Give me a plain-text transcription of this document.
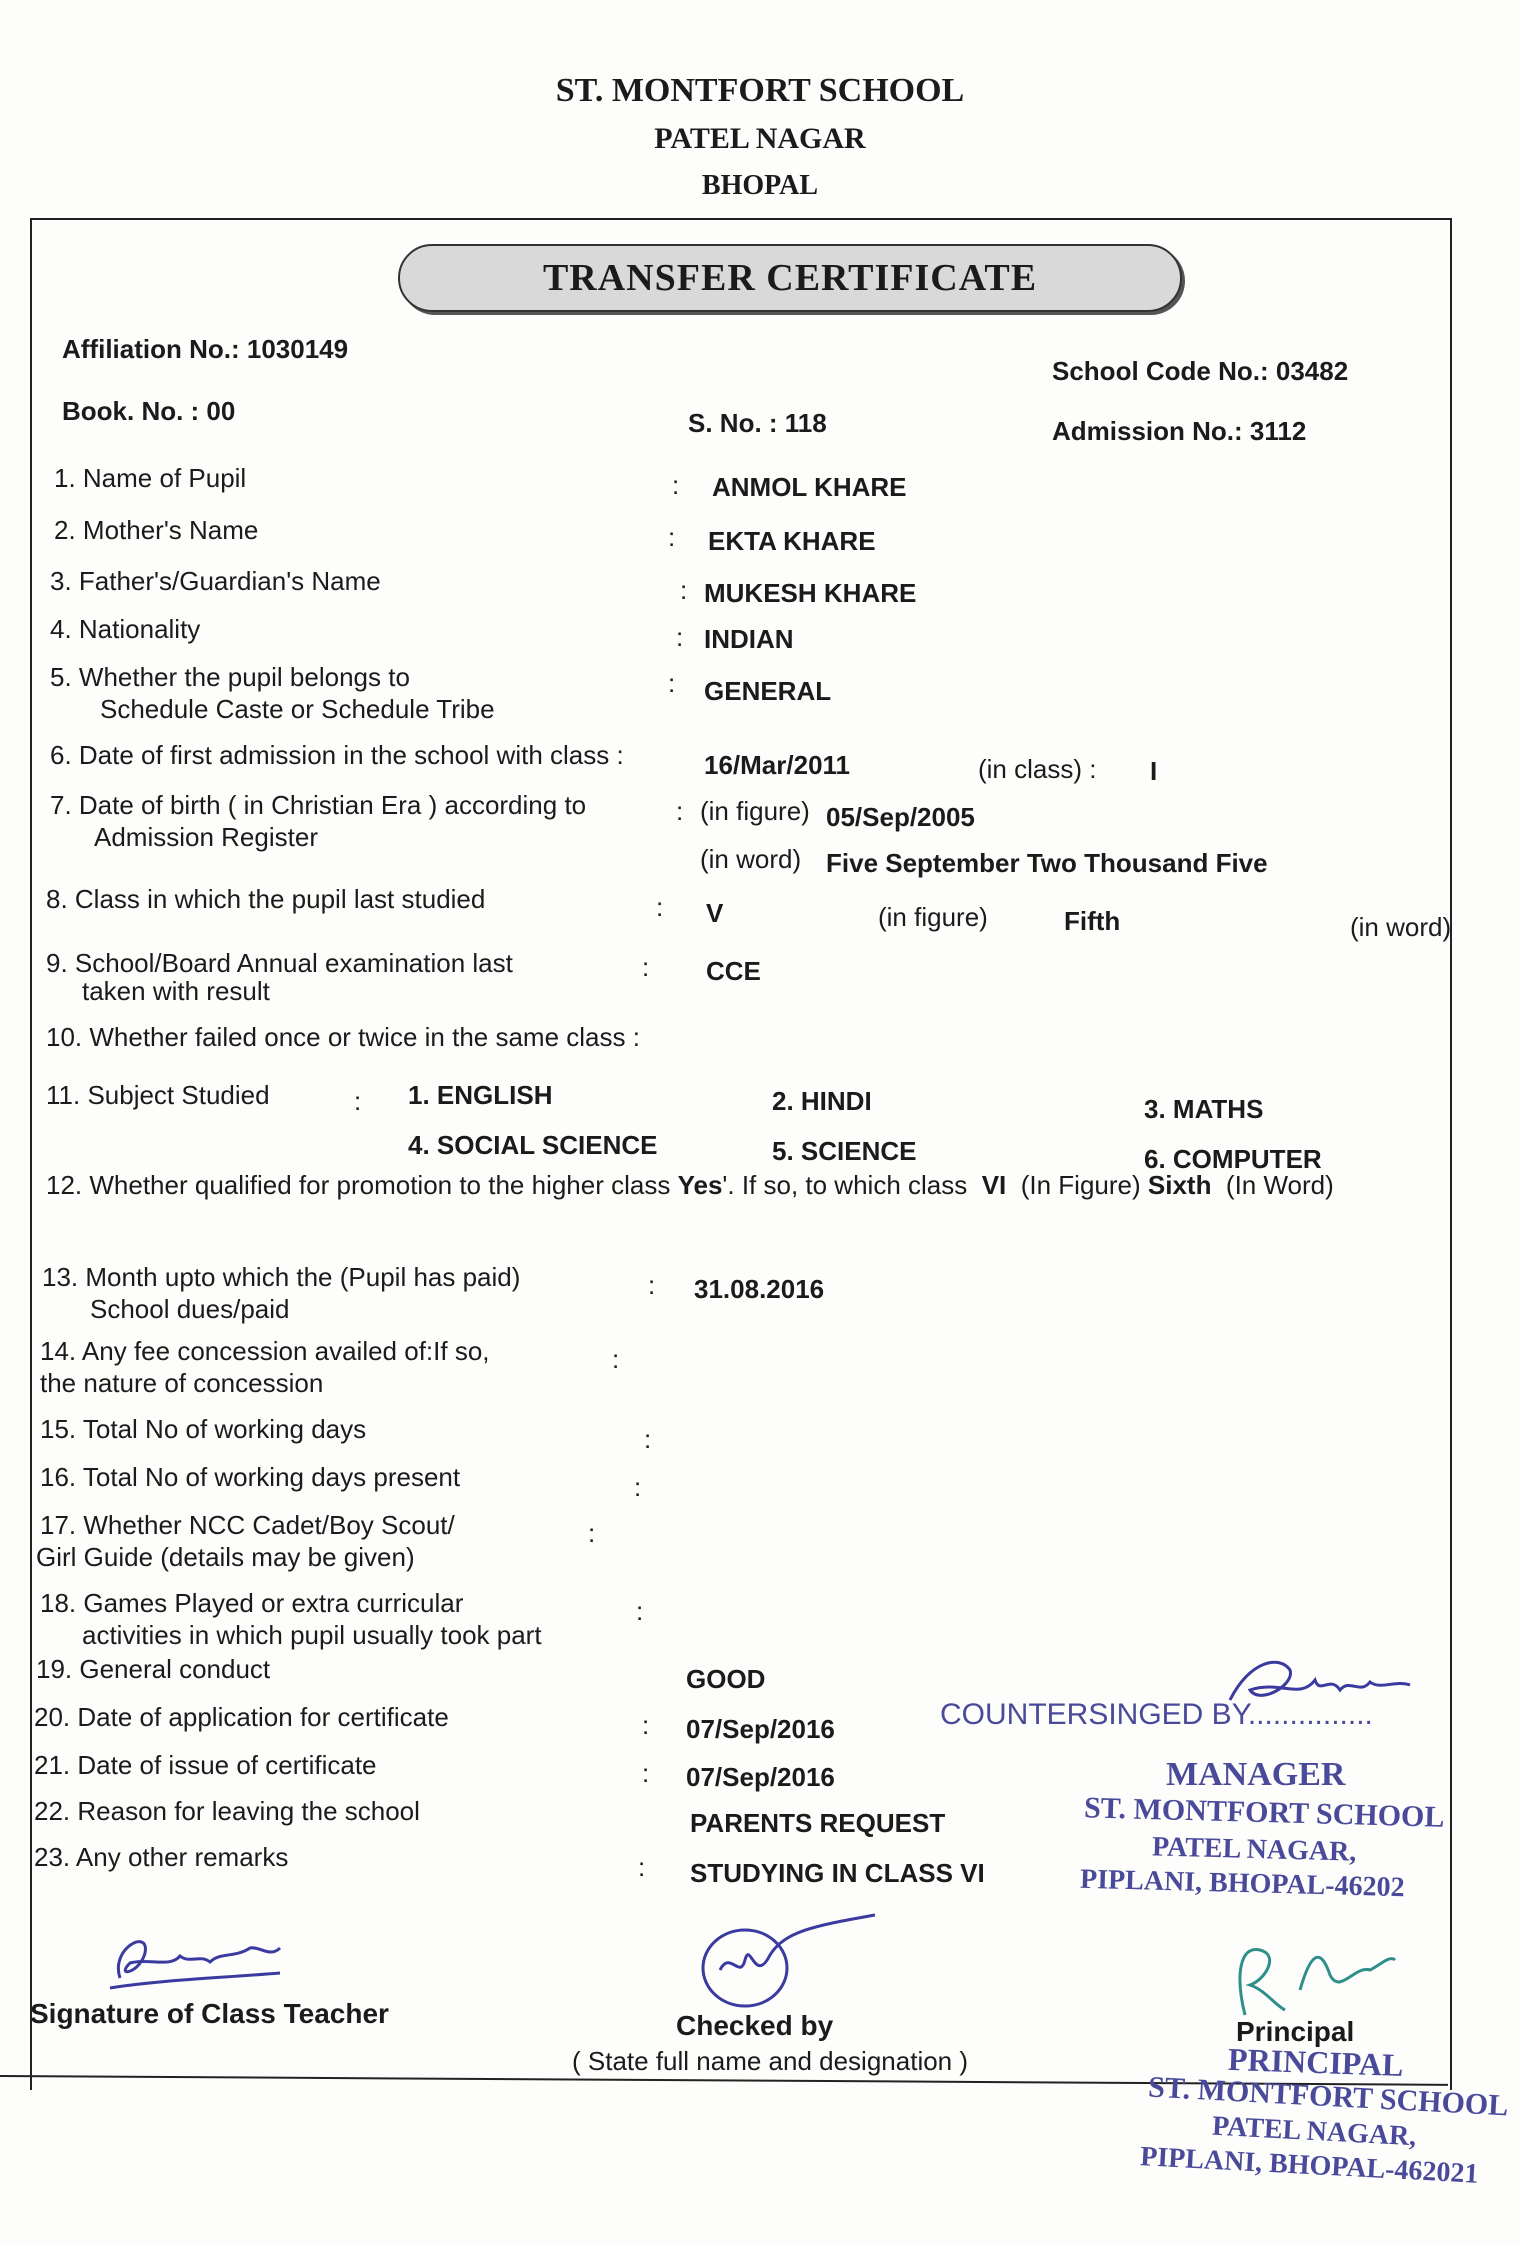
ST. MONTFORT SCHOOL
PATEL NAGAR
BHOPAL
TRANSFER CERTIFICATE
Affiliation No.: 1030149
School Code No.: 03482
Book. No. : 00	S. No. : 118	Admission No.: 3112
1. Name of Pupil	: ANMOL KHARE
2. Mother's Name	: EKTA KHARE
3. Father's/Guardian's Name	: MUKESH KHARE
4. Nationality	: INDIAN
5. Whether the pupil belongs to
Schedule Caste or Schedule Tribe
: GENERAL
6. Date of first admission in the school with class :	16/Mar/2011	(in class) : I
7. Date of birth ( in Christian Era ) according to
Admission Register
: (in figure) 05/Sep/2005
(in word) Five September Two Thousand Five
8. Class in which the pupil last studied	: V	(in figure)	Fifth	(in word)
9. School/Board Annual examination last
taken with result
: CCE
10. Whether failed once or twice in the same class :
11. Subject Studied	: 1. ENGLISH	2. HINDI	3. MATHS
4. SOCIAL SCIENCE	5. SCIENCE	6. COMPUTER
12. Whether qualified for promotion to the higher class Yes'. If so, to which class VI (In Figure) Sixth (In Word)
13. Month upto which the (Pupil has paid)
School dues/paid
: 31.08.2016
14. Any fee concession availed of:If so,
the nature of concession
:
15. Total No of working days	:
16. Total No of working days present	:
17. Whether NCC Cadet/Boy Scout/
Girl Guide (details may be given)
:
18. Games Played or extra curricular
activities in which pupil usually took part
:
19. General conduct	GOOD
20. Date of application for certificate	: 07/Sep/2016
21. Date of issue of certificate	: 07/Sep/2016
22. Reason for leaving the school	PARENTS REQUEST
23. Any other remarks	: STUDYING IN CLASS VI
COUNTERSINGED BY...............
MANAGER
ST. MONTFORT SCHOOL
PATEL NAGAR,
PIPLANI, BHOPAL-46202
Signature of Class Teacher	Checked by
( State full name and designation )
Principal
PRINCIPAL
ST. MONTFORT SCHOOL
PATEL NAGAR,
PIPLANI, BHOPAL-462021
